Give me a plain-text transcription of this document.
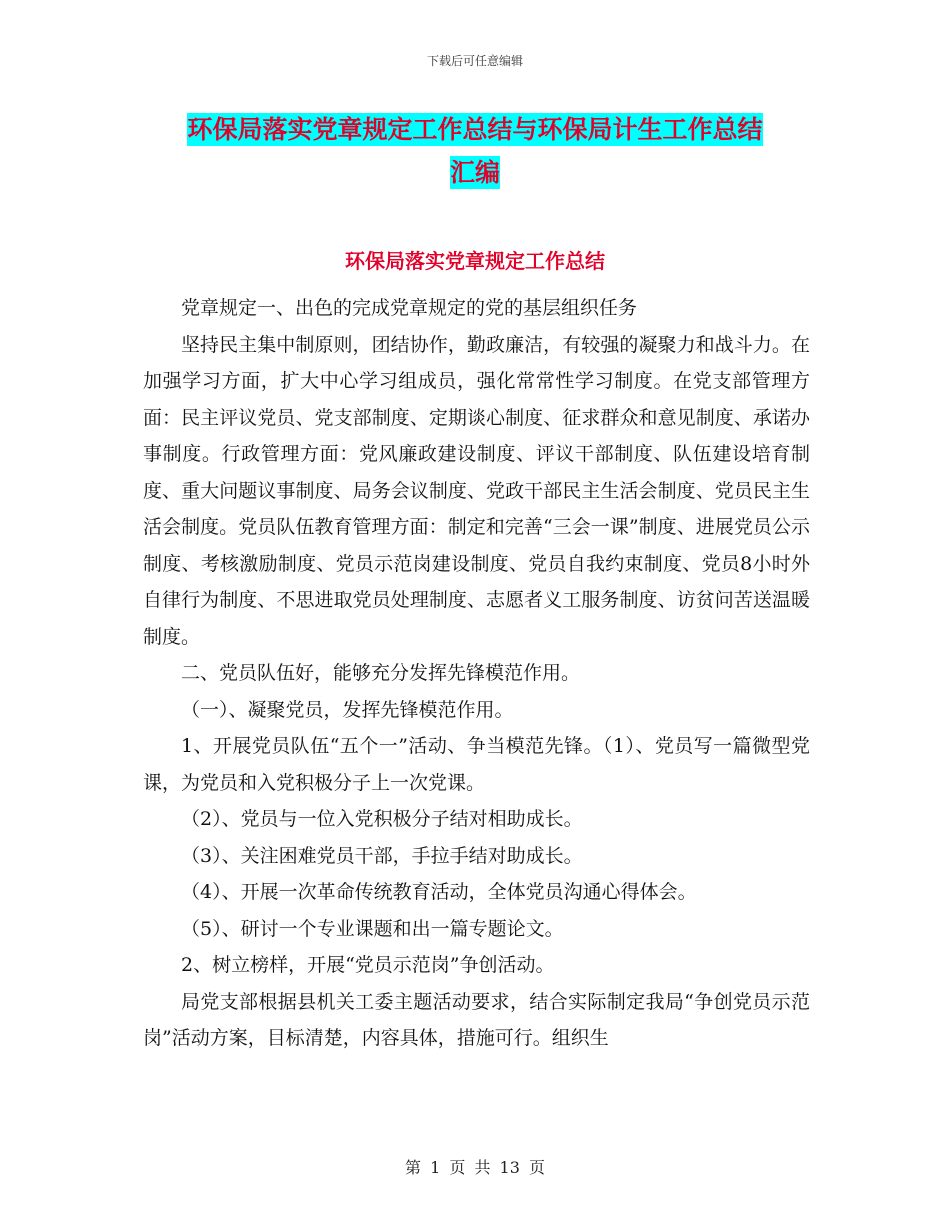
下载后可任意编辑
环保局落实党章规定工作总结与环保局计生工作总结
汇编
环保局落实党章规定工作总结

党章规定一、出色的完成党章规定的党的基层组织任务

坚持民主集中制原则，团结协作，勤政廉洁，有较强的凝聚力和战斗力。在加强学习方面，扩大中心学习组成员，强化常常性学习制度。在党支部管理方面：民主评议党员、党支部制度、定期谈心制度、征求群众和意见制度、承诺办事制度。行政管理方面：党风廉政建设制度、评议干部制度、队伍建设培育制度、重大问题议事制度、局务会议制度、党政干部民主生活会制度、党员民主生活会制度。党员队伍教育管理方面：制定和完善“三会一课”制度、进展党员公示制度、考核激励制度、党员示范岗建设制度、党员自我约束制度、党员8小时外自律行为制度、不思进取党员处理制度、志愿者义工服务制度、访贫问苦送温暖制度。

二、党员队伍好，能够充分发挥先锋模范作用。

（一）、凝聚党员，发挥先锋模范作用。

1、开展党员队伍“五个一”活动、争当模范先锋。（1）、党员写一篇微型党课，为党员和入党积极分子上一次党课。

（2）、党员与一位入党积极分子结对相助成长。

（3）、关注困难党员干部，手拉手结对助成长。

（4）、开展一次革命传统教育活动，全体党员沟通心得体会。

（5）、研讨一个专业课题和出一篇专题论文。

2、树立榜样，开展“党员示范岗”争创活动。

局党支部根据县机关工委主题活动要求，结合实际制定我局“争创党员示范岗”活动方案，目标清楚，内容具体，措施可行。组织生

第 1 页 共 13 页
